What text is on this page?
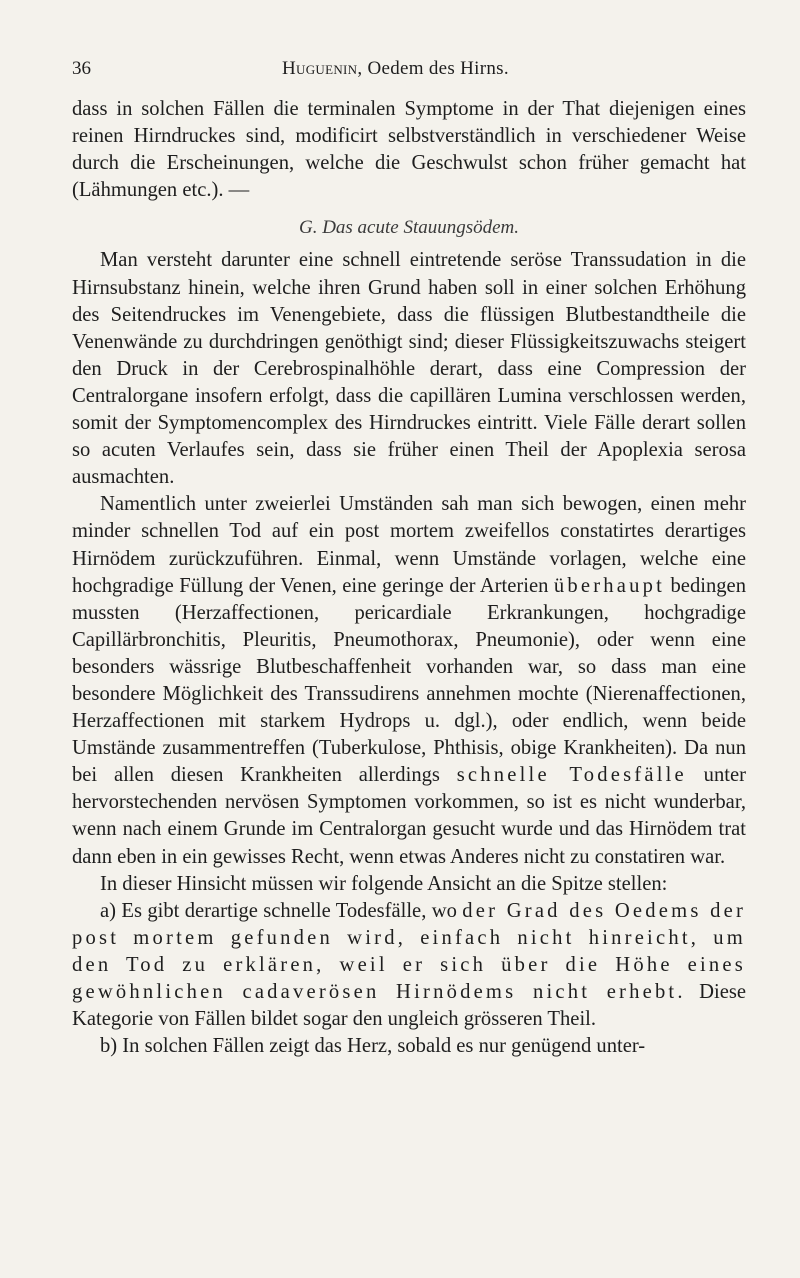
36	Huguenin, Oedem des Hirns.

dass in solchen Fällen die terminalen Symptome in der That diejenigen eines reinen Hirndruckes sind, modificirt selbstverständlich in verschiedener Weise durch die Erscheinungen, welche die Geschwulst schon früher gemacht hat (Lähmungen etc.). —

G. Das acute Stauungsödem.

Man versteht darunter eine schnell eintretende seröse Transsudation in die Hirnsubstanz hinein, welche ihren Grund haben soll in einer solchen Erhöhung des Seitendruckes im Venengebiete, dass die flüssigen Blutbestandtheile die Venenwände zu durchdringen genöthigt sind; dieser Flüssigkeitszuwachs steigert den Druck in der Cerebrospinalhöhle derart, dass eine Compression der Centralorgane insofern erfolgt, dass die capillären Lumina verschlossen werden, somit der Symptomencomplex des Hirndruckes eintritt. Viele Fälle derart sollen so acuten Verlaufes sein, dass sie früher einen Theil der Apoplexia serosa ausmachten.

Namentlich unter zweierlei Umständen sah man sich bewogen, einen mehr minder schnellen Tod auf ein post mortem zweifellos constatirtes derartiges Hirnödem zurückzuführen. Einmal, wenn Umstände vorlagen, welche eine hochgradige Füllung der Venen, eine geringe der Arterien überhaupt bedingen mussten (Herzaffectionen, pericardiale Erkrankungen, hochgradige Capillärbronchitis, Pleuritis, Pneumothorax, Pneumonie), oder wenn eine besonders wässrige Blutbeschaffenheit vorhanden war, so dass man eine besondere Möglichkeit des Transsudirens annehmen mochte (Nierenaffectionen, Herzaffectionen mit starkem Hydrops u. dgl.), oder endlich, wenn beide Umstände zusammentreffen (Tuberkulose, Phthisis, obige Krankheiten). Da nun bei allen diesen Krankheiten allerdings schnelle Todesfälle unter hervorstechenden nervösen Symptomen vorkommen, so ist es nicht wunderbar, wenn nach einem Grunde im Centralorgan gesucht wurde und das Hirnödem trat dann eben in ein gewisses Recht, wenn etwas Anderes nicht zu constatiren war.

In dieser Hinsicht müssen wir folgende Ansicht an die Spitze stellen:

a) Es gibt derartige schnelle Todesfälle, wo der Grad des Oedems der post mortem gefunden wird, einfach nicht hinreicht, um den Tod zu erklären, weil er sich über die Höhe eines gewöhnlichen cadaverösen Hirnödems nicht erhebt. Diese Kategorie von Fällen bildet sogar den ungleich grösseren Theil.

b) In solchen Fällen zeigt das Herz, sobald es nur genügend unter-
